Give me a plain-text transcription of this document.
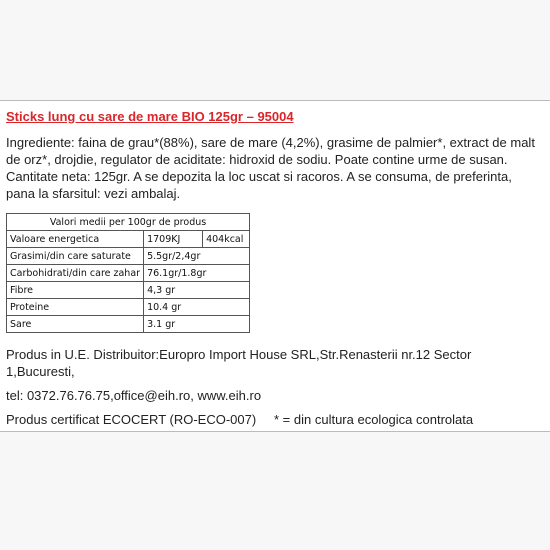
Sticks lung cu sare de mare BIO 125gr – 95004
Ingrediente: faina de grau*(88%), sare de mare (4,2%), grasime de palmier*, extract de malt de orz*, drojdie, regulator de aciditate: hidroxid de sodiu. Poate contine urme de susan. Cantitate neta: 125gr. A se depozita la loc uscat si racoros. A se consuma, de preferinta, pana la sfarsitul: vezi ambalaj.
Valori medii per 100gr de produs		
Valoare energetica	1709KJ	404kcal
Grasimi/din care saturate	5.5gr/2,4gr	
Carbohidrati/din care zahar	76.1gr/1.8gr	
Fibre	4,3 gr	
Proteine	10.4 gr	
Sare	3.1 gr	
Produs in U.E. Distribuitor:Europro Import House SRL,Str.Renasterii nr.12 Sector 1,Bucuresti,
tel: 0372.76.76.75,office@eih.ro, www.eih.ro
Produs certificat ECOCERT (RO-ECO-007) * = din cultura ecologica controlata
